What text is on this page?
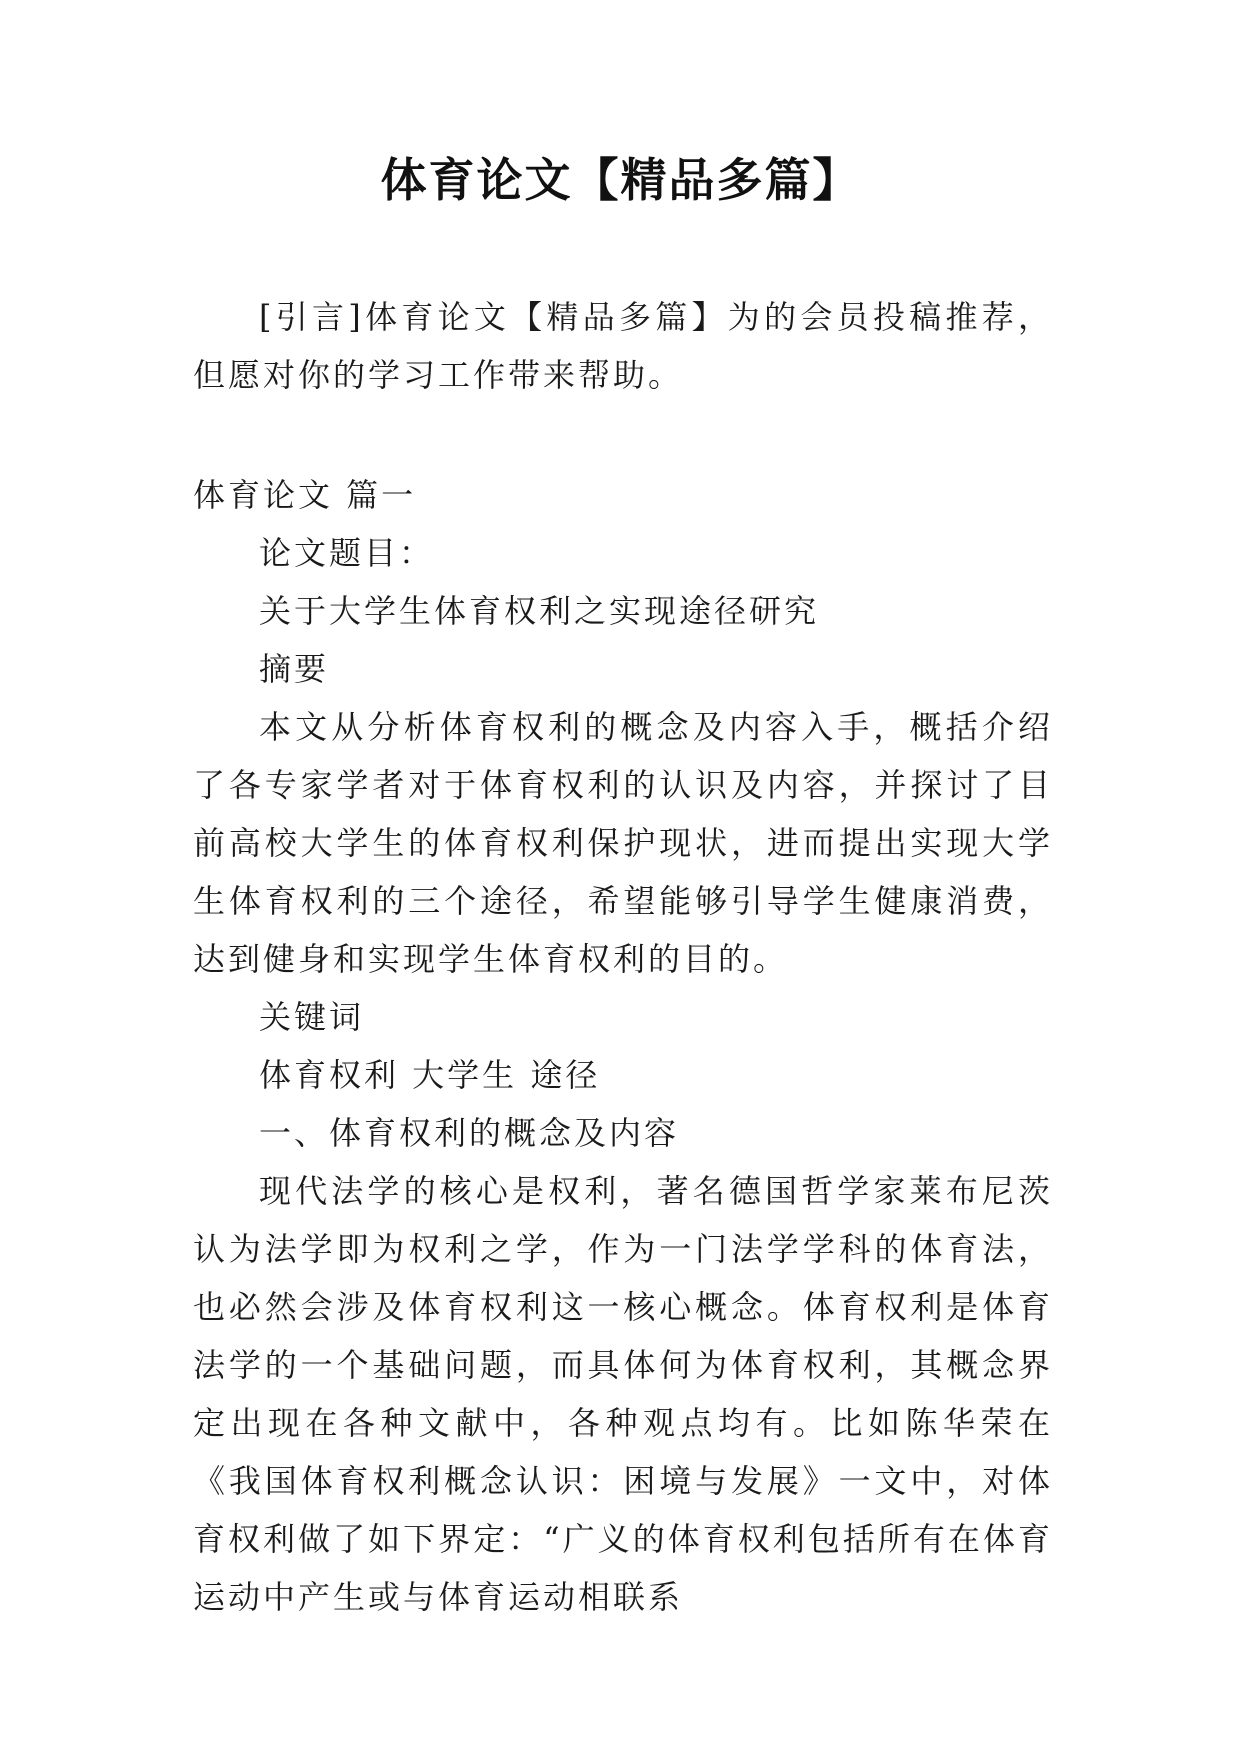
体育论文【精品多篇】

[引言]体育论文【精品多篇】为的会员投稿推荐，但愿对你的学习工作带来帮助。

体育论文 篇一

论文题目：

关于大学生体育权利之实现途径研究

摘要

本文从分析体育权利的概念及内容入手，概括介绍了各专家学者对于体育权利的认识及内容，并探讨了目前高校大学生的体育权利保护现状，进而提出实现大学生体育权利的三个途径，希望能够引导学生健康消费，达到健身和实现学生体育权利的目的。

关键词

体育权利 大学生 途径

一、体育权利的概念及内容

现代法学的核心是权利，著名德国哲学家莱布尼茨认为法学即为权利之学，作为一门法学学科的体育法，也必然会涉及体育权利这一核心概念。体育权利是体育法学的一个基础问题，而具体何为体育权利，其概念界定出现在各种文献中，各种观点均有。比如陈华荣在《我国体育权利概念认识：困境与发展》一文中，对体育权利做了如下界定：“广义的体育权利包括所有在体育运动中产生或与体育运动相联系
